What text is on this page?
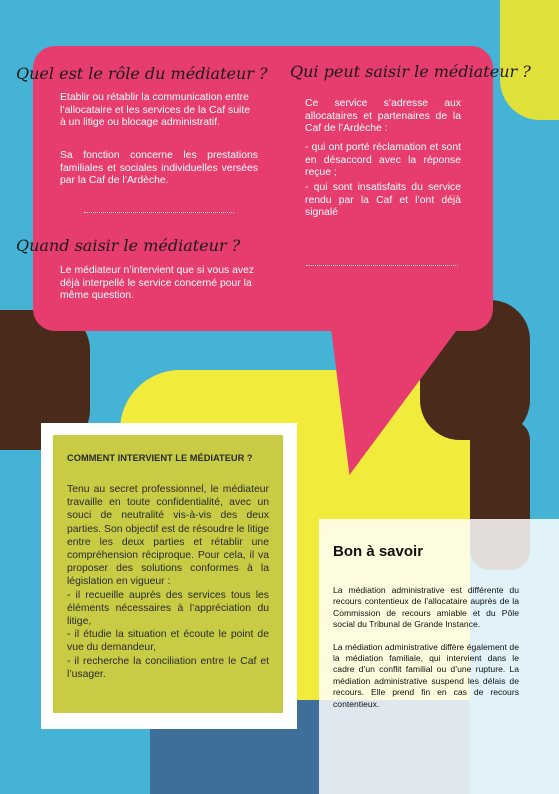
Quel est le rôle du médiateur ?
Etablir ou rétablir la communication entre l’allocataire et les services de la Caf suite à un litige ou blocage administratif.
Sa fonction concerne les prestations familiales et sociales individuelles versées par la Caf de l’Ardèche.
Qui peut saisir le médiateur ?
Ce service s’adresse aux allocataires et partenaires de la Caf de l’Ardèche :
- qui ont porté réclamation et sont en désaccord avec la réponse reçue ;
- qui sont insatisfaits du service rendu par la Caf et l’ont déjà signalé
Quand saisir le médiateur ?
Le médiateur n’intervient que si vous avez déjà interpellé le service concerné pour la même question.
COMMENT INTERVIENT LE MÉDIATEUR ?
Tenu au secret professionnel, le médiateur travaille en toute confidentialité, avec un souci de neutralité vis-à-vis des deux parties. Son objectif est de résoudre le litige entre les deux parties et rétablir une compréhension réciproque. Pour cela, il va proposer des solutions conformes à la législation en vigueur :
- il recueille auprès des services tous les éléments nécessaires à l’appréciation du litige,
- il étudie la situation et écoute le point de vue du demandeur,
- il recherche la conciliation entre le Caf et l’usager.
Bon à savoir

La médiation administrative est différente du recours contentieux de l’allocataire auprès de la Commission de recours amiable et du Pôle social du Tribunal de Grande Instance.

La médiation administrative diffère également de la médiation familiale, qui intervient dans le cadre d’un conflit familial ou d’une rupture. La médiation administrative suspend les délais de recours. Elle prend fin en cas de recours contentieux.
